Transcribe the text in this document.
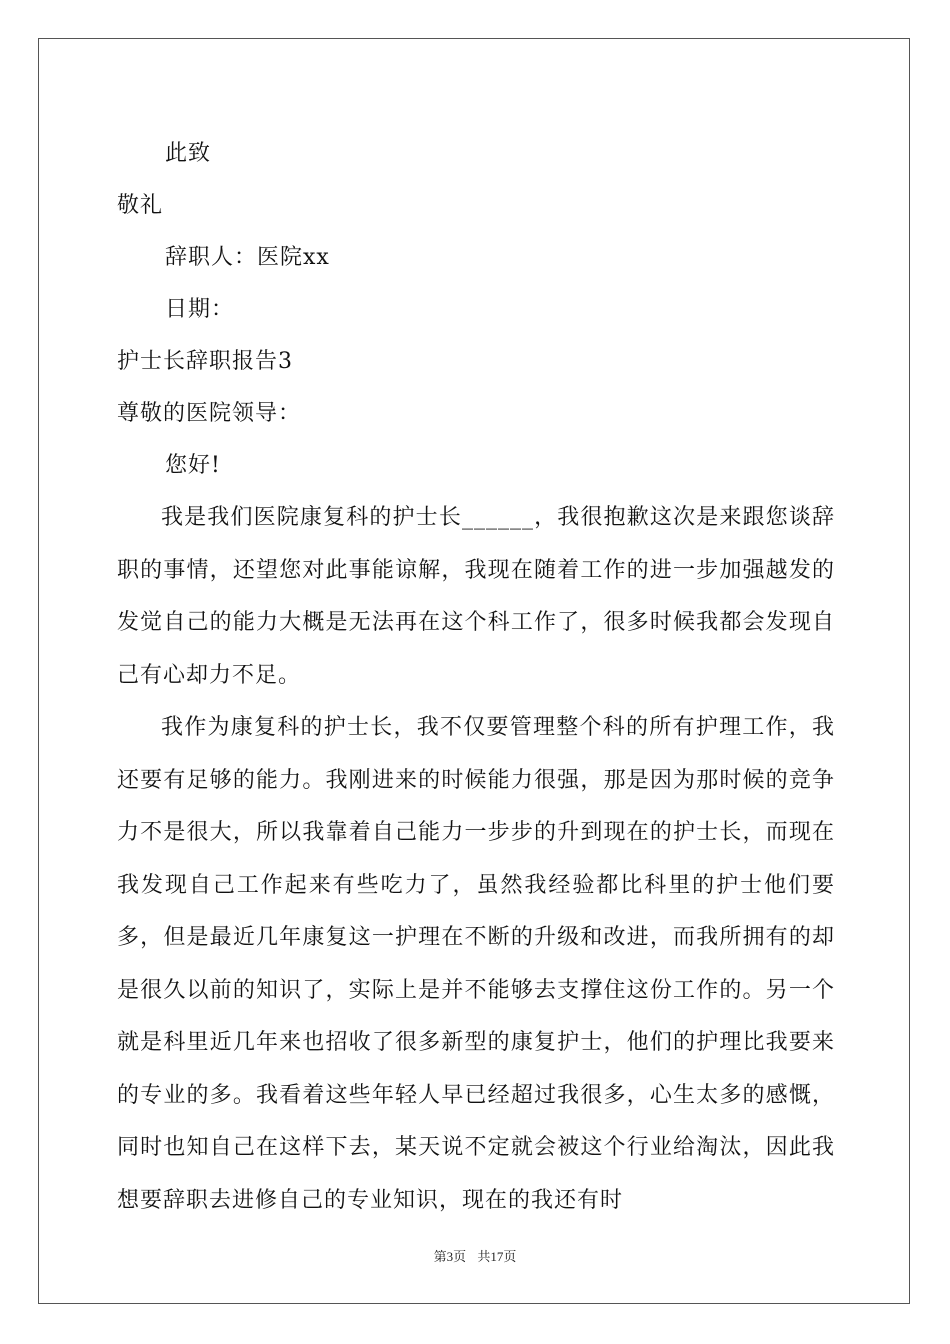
此致
敬礼
辞职人：医院xx
日期：
护士长辞职报告3
尊敬的医院领导：
您好!

我是我们医院康复科的护士长______，我很抱歉这次是来跟您谈辞职的事情，还望您对此事能谅解，我现在随着工作的进一步加强越发的发觉自己的能力大概是无法再在这个科工作了，很多时候我都会发现自己有心却力不足。

我作为康复科的护士长，我不仅要管理整个科的所有护理工作，我还要有足够的能力。我刚进来的时候能力很强，那是因为那时候的竞争力不是很大，所以我靠着自己能力一步步的升到现在的护士长，而现在我发现自己工作起来有些吃力了，虽然我经验都比科里的护士他们要多，但是最近几年康复这一护理在不断的升级和改进，而我所拥有的却是很久以前的知识了，实际上是并不能够去支撑住这份工作的。另一个就是科里近几年来也招收了很多新型的康复护士，他们的护理比我要来的专业的多。我看着这些年轻人早已经超过我很多，心生太多的感慨，同时也知自己在这样下去，某天说不定就会被这个行业给淘汰，因此我想要辞职去进修自己的专业知识，现在的我还有时

第3页 共17页
